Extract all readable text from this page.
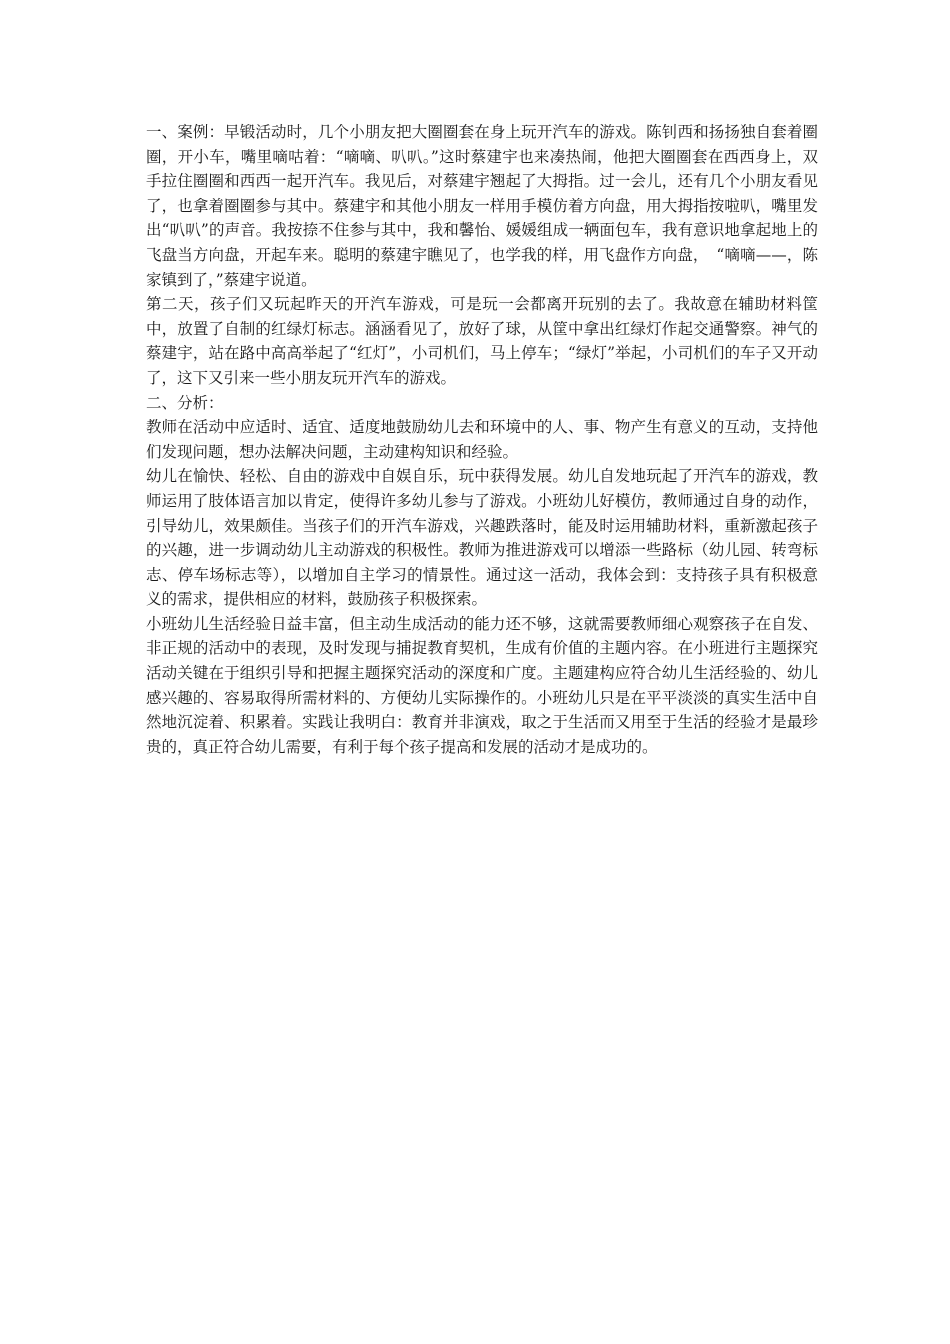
一、案例：早锻活动时，几个小朋友把大圈圈套在身上玩开汽车的游戏。陈钊西和扬扬独自套着圈圈，开小车，嘴里嘀咕着：“嘀嘀、叭叭。”这时蔡建宇也来凑热闹，他把大圈圈套在西西身上，双手拉住圈圈和西西一起开汽车。我见后，对蔡建宇翘起了大拇指。过一会儿，还有几个小朋友看见了，也拿着圈圈参与其中。蔡建宇和其他小朋友一样用手模仿着方向盘，用大拇指按啦叭，嘴里发出“叭叭”的声音。我按捺不住参与其中，我和馨怡、媛媛组成一辆面包车，我有意识地拿起地上的飞盘当方向盘，开起车来。聪明的蔡建宇瞧见了，也学我的样，用飞盘作方向盘，　“嘀嘀——，陈家镇到了，”蔡建宇说道。

第二天，孩子们又玩起昨天的开汽车游戏，可是玩一会都离开玩别的去了。我故意在辅助材料筐中，放置了自制的红绿灯标志。涵涵看见了，放好了球，从筐中拿出红绿灯作起交通警察。神气的蔡建宇，站在路中高高举起了“红灯”，小司机们，马上停车；“绿灯”举起，小司机们的车子又开动了，这下又引来一些小朋友玩开汽车的游戏。

二、分析：

教师在活动中应适时、适宜、适度地鼓励幼儿去和环境中的人、事、物产生有意义的互动，支持他们发现问题，想办法解决问题，主动建构知识和经验。

幼儿在愉快、轻松、自由的游戏中自娱自乐，玩中获得发展。幼儿自发地玩起了开汽车的游戏，教师运用了肢体语言加以肯定，使得许多幼儿参与了游戏。小班幼儿好模仿，教师通过自身的动作，引导幼儿，效果颇佳。当孩子们的开汽车游戏，兴趣跌落时，能及时运用辅助材料，重新激起孩子的兴趣，进一步调动幼儿主动游戏的积极性。教师为推进游戏可以增添一些路标（幼儿园、转弯标志、停车场标志等），以增加自主学习的情景性。通过这一活动，我体会到：支持孩子具有积极意义的需求，提供相应的材料，鼓励孩子积极探索。

小班幼儿生活经验日益丰富，但主动生成活动的能力还不够，这就需要教师细心观察孩子在自发、非正规的活动中的表现，及时发现与捕捉教育契机，生成有价值的主题内容。在小班进行主题探究活动关键在于组织引导和把握主题探究活动的深度和广度。主题建构应符合幼儿生活经验的、幼儿感兴趣的、容易取得所需材料的、方便幼儿实际操作的。小班幼儿只是在平平淡淡的真实生活中自然地沉淀着、积累着。实践让我明白：教育并非演戏，取之于生活而又用至于生活的经验才是最珍贵的，真正符合幼儿需要，有利于每个孩子提高和发展的活动才是成功的。
